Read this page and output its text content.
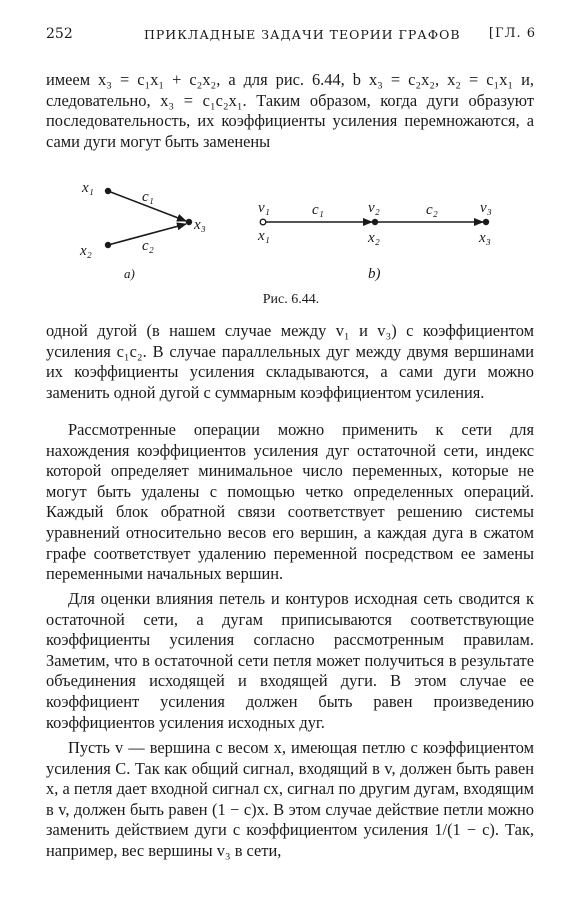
252	ПРИКЛАДНЫЕ ЗАДАЧИ ТЕОРИИ ГРАФОВ [ГЛ. 6

имеем x₃ = c₁x₁ + c₂x₂, а для рис. 6.44, b x₃ = c₂x₂, x₂ = c₁x₁ и, следовательно, x₃ = c₁c₂x₁. Таким образом, когда дуги образуют последовательность, их коэффициенты усиления перемножаются, а сами дуги могут быть заменены

x₁
x₂
x₃
c₁
c₂
a)
v₁	v₂	v₃
c₁	c₂
x₁	x₂	x₃
b)
Рис. 6.44.

одной дугой (в нашем случае между v₁ и v₃) с коэффициентом усиления c₁c₂. В случае параллельных дуг между двумя вершинами их коэффициенты усиления складываются, а сами дуги можно заменить одной дугой с суммарным коэффициентом усиления.

Рассмотренные операции можно применить к сети для нахождения коэффициентов усиления дуг остаточной сети, индекс которой определяет минимальное число переменных, которые не могут быть удалены с помощью четко определенных операций. Каждый блок обратной связи соответствует решению системы уравнений относительно весов его вершин, а каждая дуга в сжатом графе соответствует удалению переменной посредством ее замены переменными начальных вершин.

Для оценки влияния петель и контуров исходная сеть сводится к остаточной сети, а дугам приписываются соответствующие коэффициенты усиления согласно рассмотренным правилам. Заметим, что в остаточной сети петля может получиться в результате объединения исходящей и входящей дуги. В этом случае ее коэффициент усиления должен быть равен произведению коэффициентов усиления исходных дуг.

Пусть v — вершина с весом x, имеющая петлю с коэффициентом усиления C. Так как общий сигнал, входящий в v, должен быть равен x, а петля дает входной сигнал cx, сигнал по другим дугам, входящим в v, должен быть равен (1 − c)x. В этом случае действие петли можно заменить действием дуги с коэффициентом усиления 1/(1 − c). Так, например, вес вершины v₃ в сети,
